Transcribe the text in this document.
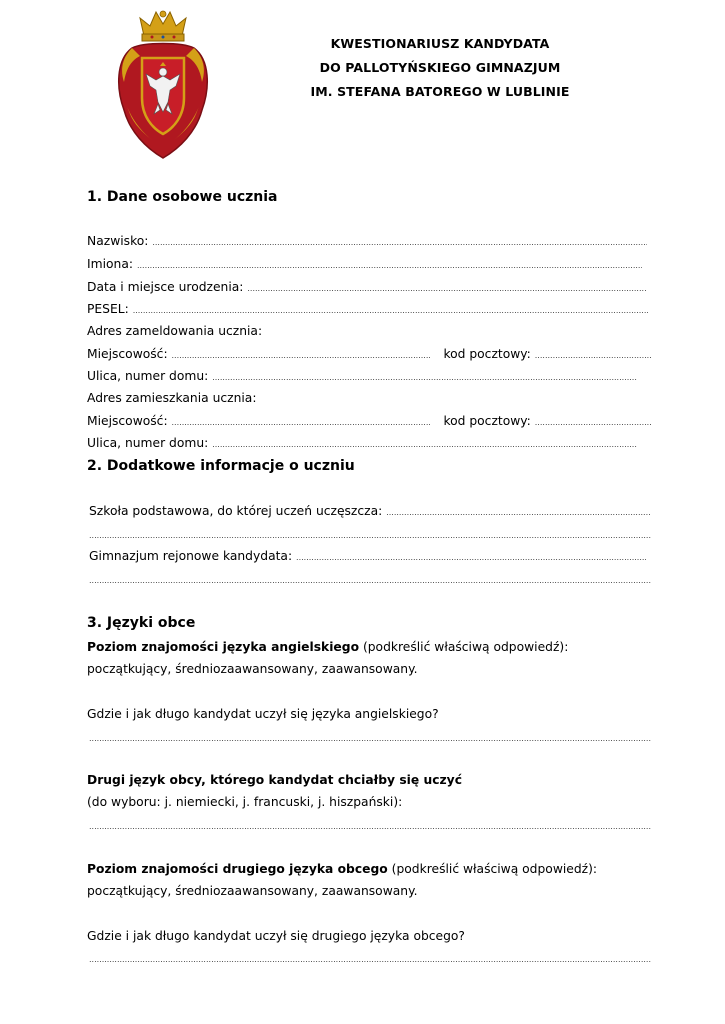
KWESTIONARIUSZ KANDYDATA
DO PALLOTYŃSKIEGO GIMNAZJUM
IM. STEFANA BATOREGO W LUBLINIE
1. Dane osobowe ucznia
Nazwisko: .....
Imiona: .....
Data i miejsce urodzenia: .....
PESEL: .....
Adres zameldowania ucznia:
Miejscowość: .....	kod pocztowy: .....
Ulica, numer domu: .....
Adres zamieszkania ucznia:
Miejscowość: .....	kod pocztowy: .....
Ulica, numer domu: .....
2. Dodatkowe informacje o uczniu
Szkoła podstawowa, do której uczeń uczęszcza: .....
.....
Gimnazjum rejonowe kandydata: .....
.....
3. Języki obce
Poziom znajomości języka angielskiego (podkreślić właściwą odpowiedź):
początkujący, średniozaawansowany, zaawansowany.
Gdzie i jak długo kandydat uczył się języka angielskiego?
.....
Drugi język obcy, którego kandydat chciałby się uczyć
(do wyboru: j. niemiecki, j. francuski, j. hiszpański):
.....
Poziom znajomości drugiego języka obcego (podkreślić właściwą odpowiedź):
początkujący, średniozaawansowany, zaawansowany.
Gdzie i jak długo kandydat uczył się drugiego języka obcego?
.....
